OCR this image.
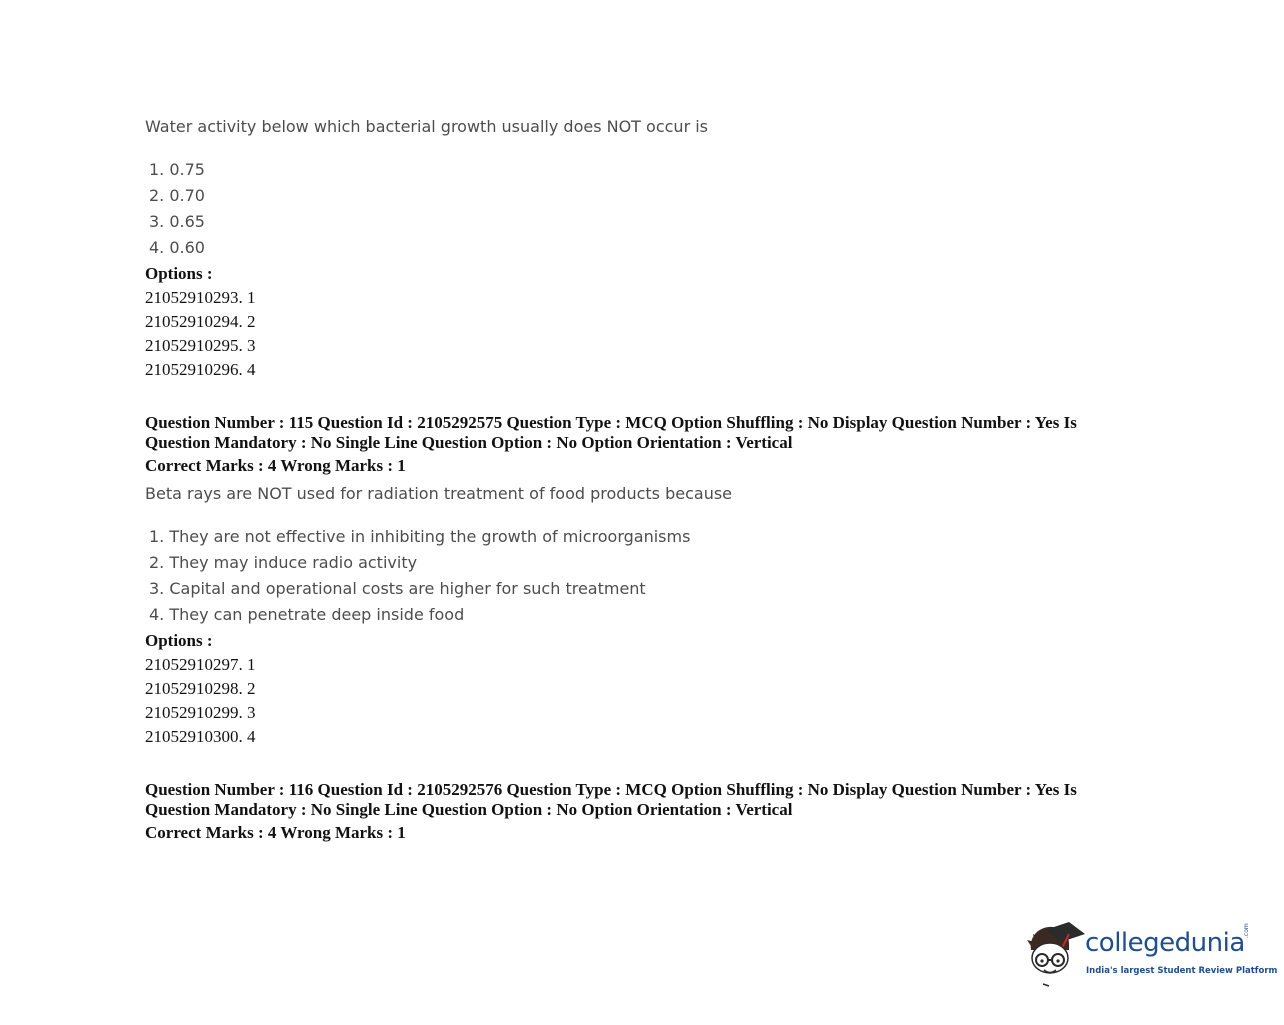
Water activity below which bacterial growth usually does NOT occur is
1. 0.75
2. 0.70
3. 0.65
4. 0.60
Options :
21052910293. 1
21052910294. 2
21052910295. 3
21052910296. 4
Question Number : 115 Question Id : 2105292575 Question Type : MCQ Option Shuffling : No Display Question Number : Yes Is
Question Mandatory : No Single Line Question Option : No Option Orientation : Vertical
Correct Marks : 4 Wrong Marks : 1
Beta rays are NOT used for radiation treatment of food products because
1. They are not effective in inhibiting the growth of microorganisms
2. They may induce radio activity
3. Capital and operational costs are higher for such treatment
4. They can penetrate deep inside food
Options :
21052910297. 1
21052910298. 2
21052910299. 3
21052910300. 4
Question Number : 116 Question Id : 2105292576 Question Type : MCQ Option Shuffling : No Display Question Number : Yes Is
Question Mandatory : No Single Line Question Option : No Option Orientation : Vertical
Correct Marks : 4 Wrong Marks : 1
collegedunia
.com
India's largest Student Review Platform
